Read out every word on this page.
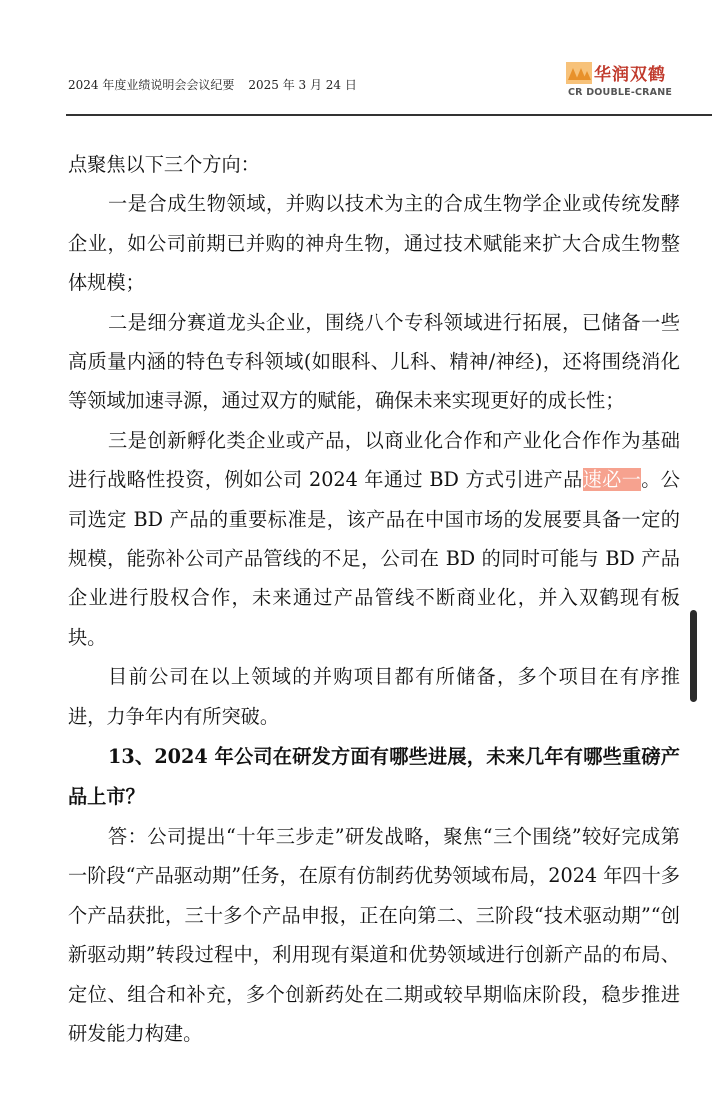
2024 年度业绩说明会会议纪要 2025 年 3 月 24 日	华润双鹤
CR DOUBLE-CRANE

点聚焦以下三个方向：

一是合成生物领域，并购以技术为主的合成生物学企业或传统发酵企业，如公司前期已并购的神舟生物，通过技术赋能来扩大合成生物整体规模；

二是细分赛道龙头企业，围绕八个专科领域进行拓展，已储备一些高质量内涵的特色专科领域(如眼科、儿科、精神/神经)，还将围绕消化等领域加速寻源，通过双方的赋能，确保未来实现更好的成长性；

三是创新孵化类企业或产品，以商业化合作和产业化合作作为基础进行战略性投资，例如公司 2024 年通过 BD 方式引进产品速必一。公司选定 BD 产品的重要标准是，该产品在中国市场的发展要具备一定的规模，能弥补公司产品管线的不足，公司在 BD 的同时可能与 BD 产品企业进行股权合作，未来通过产品管线不断商业化，并入双鹤现有板块。

目前公司在以上领域的并购项目都有所储备，多个项目在有序推进，力争年内有所突破。

13、2024 年公司在研发方面有哪些进展，未来几年有哪些重磅产品上市？

答：公司提出“十年三步走”研发战略，聚焦“三个围绕”较好完成第一阶段“产品驱动期”任务，在原有仿制药优势领域布局，2024 年四十多个产品获批，三十多个产品申报，正在向第二、三阶段“技术驱动期”“创新驱动期”转段过程中，利用现有渠道和优势领域进行创新产品的布局、定位、组合和补充，多个创新药处在二期或较早期临床阶段，稳步推进研发能力构建。
